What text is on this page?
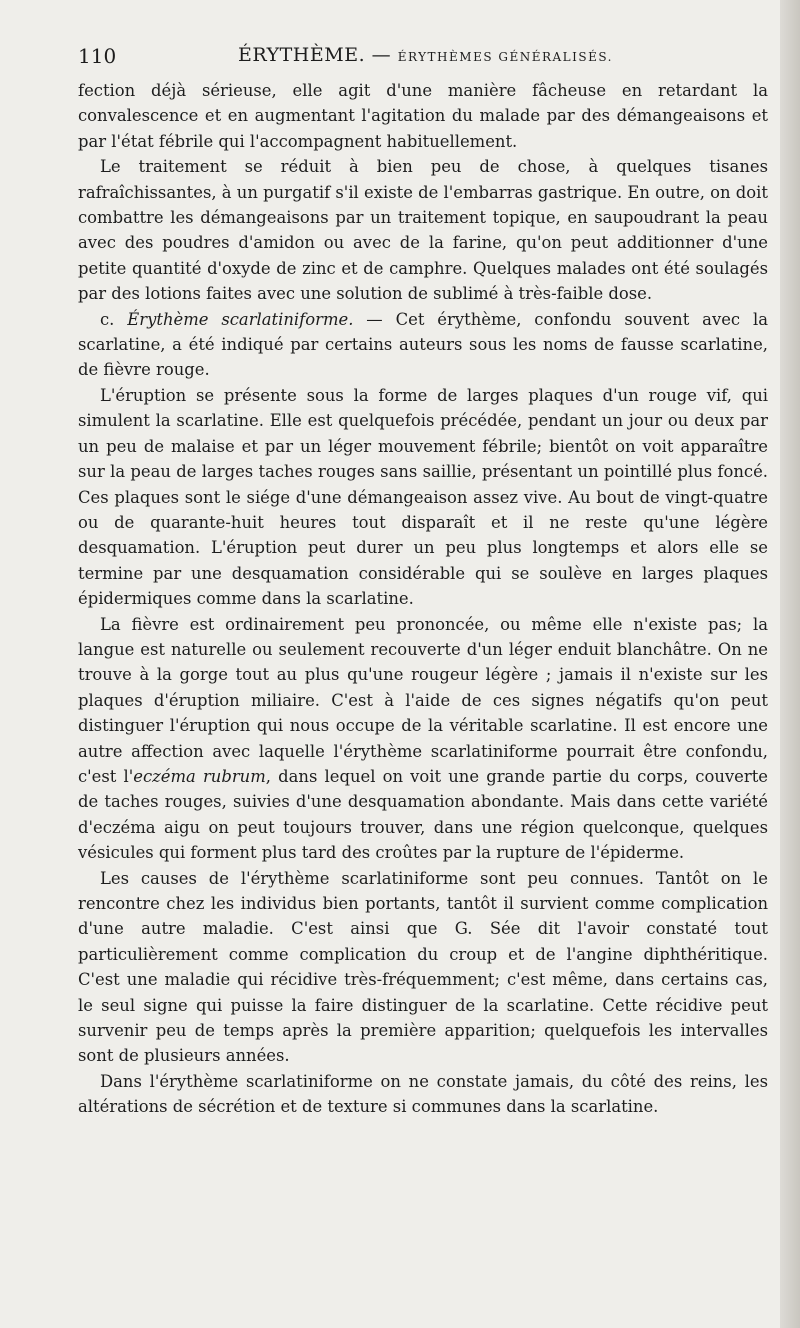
110	ÉRYTHÈME. — ÉRYTHÈMES GÉNÉRALISÉS.

fection déjà sérieuse, elle agit d'une manière fâcheuse en retardant la convalescence et en augmentant l'agitation du malade par des démangeaisons et par l'état fébrile qui l'accompagnent habituellement.

Le traitement se réduit à bien peu de chose, à quelques tisanes rafraîchissantes, à un purgatif s'il existe de l'embarras gastrique. En outre, on doit combattre les démangeaisons par un traitement topique, en saupoudrant la peau avec des poudres d'amidon ou avec de la farine, qu'on peut additionner d'une petite quantité d'oxyde de zinc et de camphre. Quelques malades ont été soulagés par des lotions faites avec une solution de sublimé à très-faible dose.

c. Érythème scarlatiniforme. — Cet érythème, confondu souvent avec la scarlatine, a été indiqué par certains auteurs sous les noms de fausse scarlatine, de fièvre rouge.

L'éruption se présente sous la forme de larges plaques d'un rouge vif, qui simulent la scarlatine. Elle est quelquefois précédée, pendant un jour ou deux par un peu de malaise et par un léger mouvement fébrile; bientôt on voit apparaître sur la peau de larges taches rouges sans saillie, présentant un pointillé plus foncé. Ces plaques sont le siége d'une démangeaison assez vive. Au bout de vingt-quatre ou de quarante-huit heures tout disparaît et il ne reste qu'une légère desquamation. L'éruption peut durer un peu plus longtemps et alors elle se termine par une desquamation considérable qui se soulève en larges plaques épidermiques comme dans la scarlatine.

La fièvre est ordinairement peu prononcée, ou même elle n'existe pas; la langue est naturelle ou seulement recouverte d'un léger enduit blanchâtre. On ne trouve à la gorge tout au plus qu'une rougeur légère ; jamais il n'existe sur les plaques d'éruption miliaire. C'est à l'aide de ces signes négatifs qu'on peut distinguer l'éruption qui nous occupe de la véritable scarlatine. Il est encore une autre affection avec laquelle l'érythème scarlatiniforme pourrait être confondu, c'est l'eczéma rubrum, dans lequel on voit une grande partie du corps, couverte de taches rouges, suivies d'une desquamation abondante. Mais dans cette variété d'eczéma aigu on peut toujours trouver, dans une région quelconque, quelques vésicules qui forment plus tard des croûtes par la rupture de l'épiderme.

Les causes de l'érythème scarlatiniforme sont peu connues. Tantôt on le rencontre chez les individus bien portants, tantôt il survient comme complication d'une autre maladie. C'est ainsi que G. Sée dit l'avoir constaté tout particulièrement comme complication du croup et de l'angine diphthéritique. C'est une maladie qui récidive très-fréquemment; c'est même, dans certains cas, le seul signe qui puisse la faire distinguer de la scarlatine. Cette récidive peut survenir peu de temps après la première apparition; quelquefois les intervalles sont de plusieurs années.

Dans l'érythème scarlatiniforme on ne constate jamais, du côté des reins, les altérations de sécrétion et de texture si communes dans la scarlatine.
